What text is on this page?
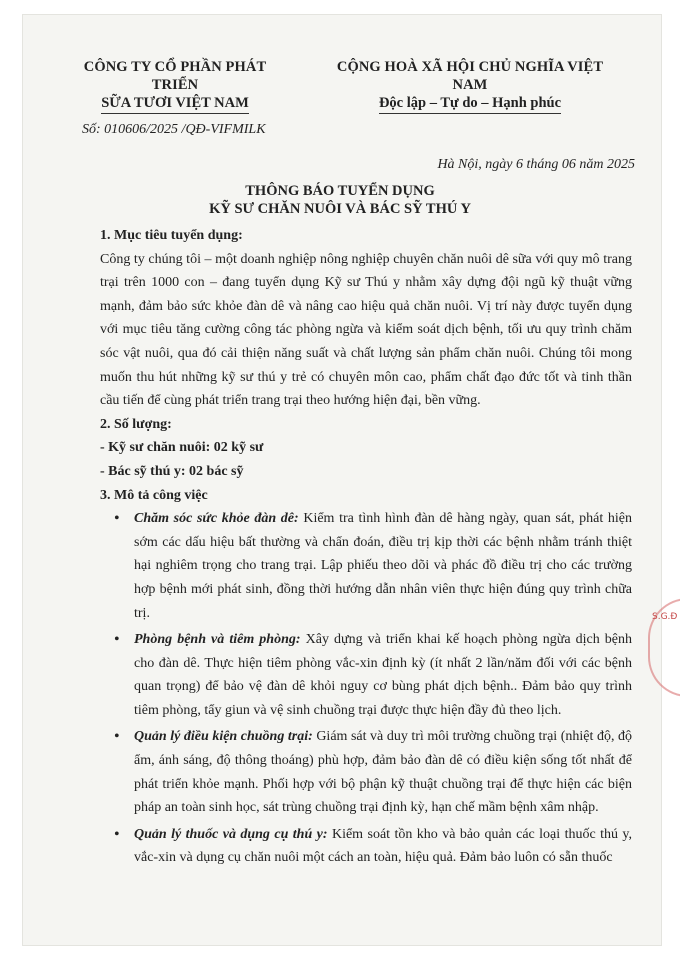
CÔNG TY CỔ PHẦN PHÁT TRIỂN
SỮA TƯƠI VIỆT NAM
CỘNG HOÀ XÃ HỘI CHỦ NGHĨA VIỆT NAM
Độc lập – Tự do – Hạnh phúc
Số: 010606/2025 /QĐ-VIFMILK
Hà Nội, ngày 6 tháng 06 năm 2025
THÔNG BÁO TUYỂN DỤNG
KỸ SƯ CHĂN NUÔI VÀ BÁC SỸ THÚ Y

1. Mục tiêu tuyển dụng:

Công ty chúng tôi – một doanh nghiệp nông nghiệp chuyên chăn nuôi dê sữa với quy mô trang trại trên 1000 con – đang tuyển dụng Kỹ sư Thú y nhằm xây dựng đội ngũ kỹ thuật vững mạnh, đảm bảo sức khỏe đàn dê và nâng cao hiệu quả chăn nuôi. Vị trí này được tuyển dụng với mục tiêu tăng cường công tác phòng ngừa và kiểm soát dịch bệnh, tối ưu quy trình chăm sóc vật nuôi, qua đó cải thiện năng suất và chất lượng sản phẩm chăn nuôi. Chúng tôi mong muốn thu hút những kỹ sư thú y trẻ có chuyên môn cao, phẩm chất đạo đức tốt và tinh thần cầu tiến để cùng phát triển trang trại theo hướng hiện đại, bền vững.

2. Số lượng:

- Kỹ sư chăn nuôi: 02 kỹ sư

- Bác sỹ thú y: 02 bác sỹ

3. Mô tả công việc

• Chăm sóc sức khỏe đàn dê: Kiểm tra tình hình đàn dê hàng ngày, quan sát, phát hiện sớm các dấu hiệu bất thường và chẩn đoán, điều trị kịp thời các bệnh nhằm tránh thiệt hại nghiêm trọng cho trang trại. Lập phiếu theo dõi và phác đồ điều trị cho các trường hợp bệnh mới phát sinh, đồng thời hướng dẫn nhân viên thực hiện đúng quy trình chữa trị.
• Phòng bệnh và tiêm phòng: Xây dựng và triển khai kế hoạch phòng ngừa dịch bệnh cho đàn dê. Thực hiện tiêm phòng vắc-xin định kỳ (ít nhất 2 lần/năm đối với các bệnh quan trọng) để bảo vệ đàn dê khỏi nguy cơ bùng phát dịch bệnh.. Đảm bảo quy trình tiêm phòng, tẩy giun và vệ sinh chuồng trại được thực hiện đầy đủ theo lịch.
• Quản lý điều kiện chuồng trại: Giám sát và duy trì môi trường chuồng trại (nhiệt độ, độ ẩm, ánh sáng, độ thông thoáng) phù hợp, đảm bảo đàn dê có điều kiện sống tốt nhất để phát triển khỏe mạnh. Phối hợp với bộ phận kỹ thuật chuồng trại để thực hiện các biện pháp an toàn sinh học, sát trùng chuồng trại định kỳ, hạn chế mầm bệnh xâm nhập.
• Quản lý thuốc và dụng cụ thú y: Kiểm soát tồn kho và bảo quản các loại thuốc thú y, vắc-xin và dụng cụ chăn nuôi một cách an toàn, hiệu quả. Đảm bảo luôn có sẵn thuốc
S.G.Đ
